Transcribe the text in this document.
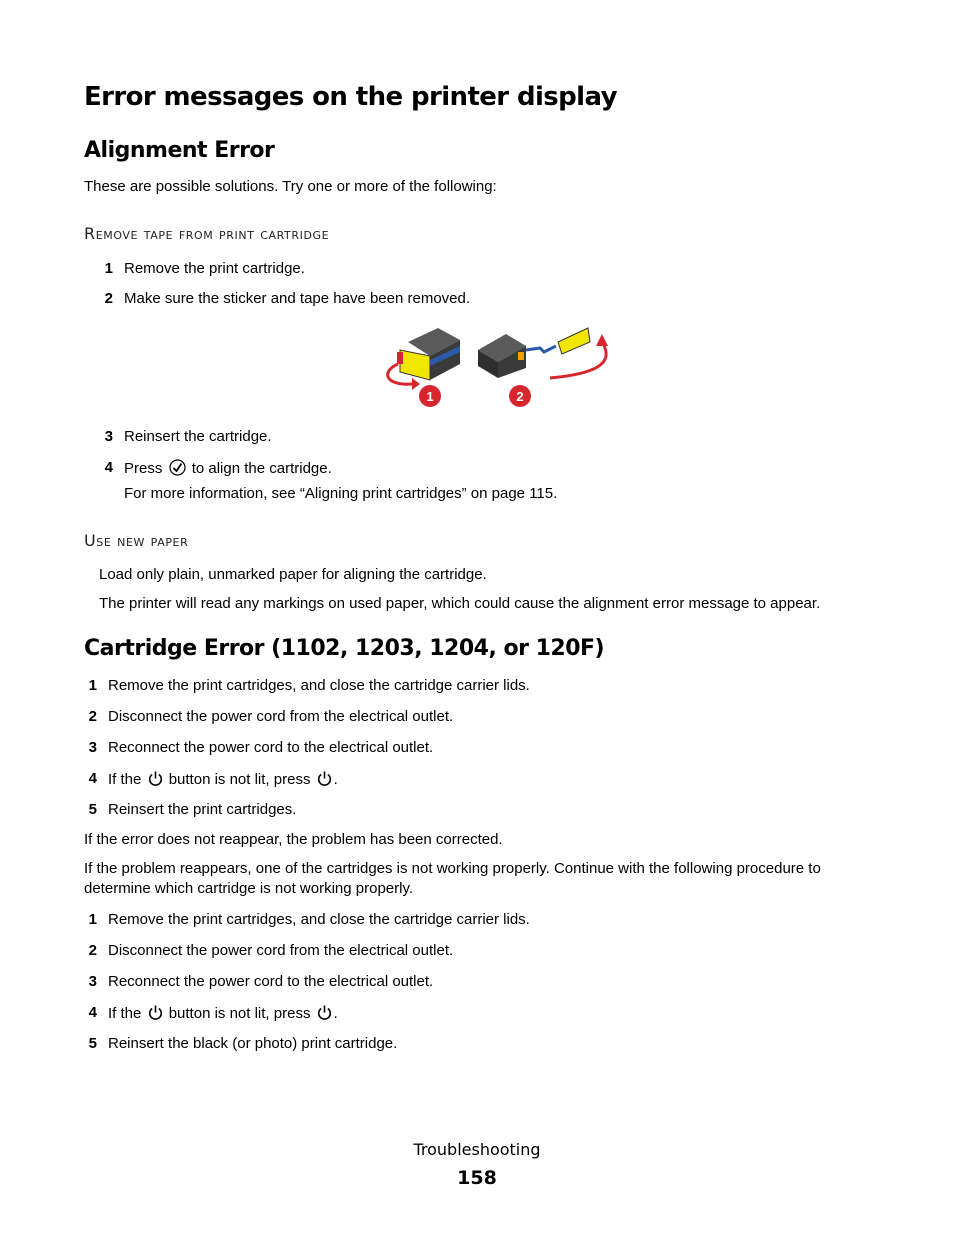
Error messages on the printer display
Alignment Error
These are possible solutions. Try one or more of the following:
Remove tape from print cartridge
1 Remove the print cartridge.
2 Make sure the sticker and tape have been removed.
1	2
3 Reinsert the cartridge.
4 Press to align the cartridge.
For more information, see “Aligning print cartridges” on page 115.
Use new paper
Load only plain, unmarked paper for aligning the cartridge.
The printer will read any markings on used paper, which could cause the alignment error message to appear.
Cartridge Error (1102, 1203, 1204, or 120F)
1 Remove the print cartridges, and close the cartridge carrier lids.
2 Disconnect the power cord from the electrical outlet.
3 Reconnect the power cord to the electrical outlet.
4 If the button is not lit, press .
5 Reinsert the print cartridges.
If the error does not reappear, the problem has been corrected.
If the problem reappears, one of the cartridges is not working properly. Continue with the following procedure to
determine which cartridge is not working properly.
1 Remove the print cartridges, and close the cartridge carrier lids.
2 Disconnect the power cord from the electrical outlet.
3 Reconnect the power cord to the electrical outlet.
4 If the button is not lit, press .
5 Reinsert the black (or photo) print cartridge.
Troubleshooting
158
